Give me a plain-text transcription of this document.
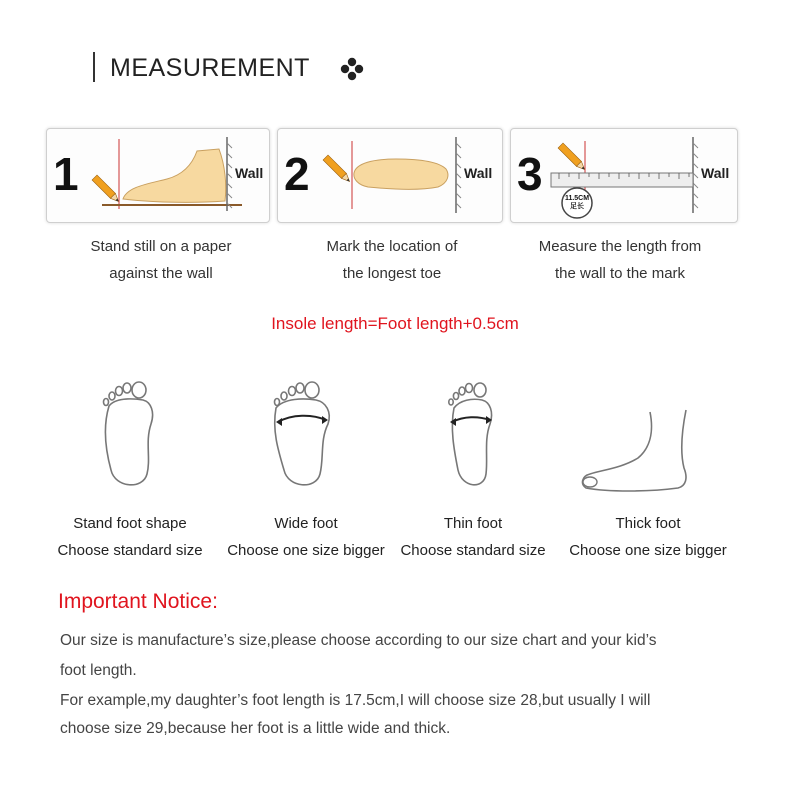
MEASUREMENT
1	Wall 2	Wall 3	Wall
11.5CM
足长
Stand still on a paper
against the wall
Mark the location of
the longest toe
Measure the length from
the wall to the mark
Insole length=Foot length+0.5cm
Stand foot shape
Choose standard size
Wide foot
Choose one size bigger
Thin foot
Choose standard size
Thick foot
Choose one size bigger
Important Notice:
Our size is manufacture’s size,please choose according to our size chart and your kid’s
foot length.
For example,my daughter’s foot length is 17.5cm,I will choose size 28,but usually I will
choose size 29,because her foot is a little wide and thick.
